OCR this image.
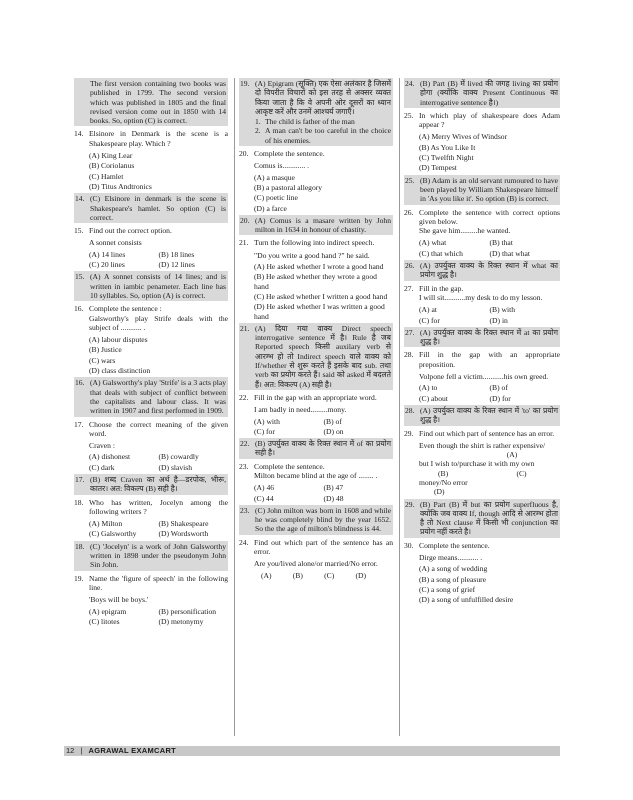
The first version containing two books was published in 1799. The second version which was published in 1805 and the final revised version come out in 1850 with 14 books. So, option (C) is correct.
14. Elsinore in Denmark is the scene is a Shakespeare play. Which ?
(A) King Lear
(B) Coriolanus
(C) Hamlet
(D) Titus Andtronics
14. (C) Elsinore in denmark is the scene is Shakespeare's hamlet. So option (C) is correct.
15. Find out the correct option.
A sonnet consists
(A) 14 lines	(B) 18 lines
(C) 20 lines	(D) 12 lines
15. (A) A sonnet consists of 14 lines; and is written in iambic penameter. Each line has 10 syllables. So, option (A) is correct.
16. Complete the sentence :
Galsworthy's play Strife deals with the subject of ........... .
(A) labour disputes
(B) Justice
(C) wars
(D) class distinction
16. (A) Galsworthy's play 'Strife' is a 3 acts play that deals with subject of conflict between the capitalists and labour class. It was written in 1907 and first performed in 1909.
17. Choose the correct meaning of the given word.
Craven :
(A) dishonest	(B) cowardly
(C) dark	(D) slavish
17. (B) शब्द Craven का अर्थ है—डरपोक, भीरू, कातर। अत: विकल्प (B) सही है।
18. Who has written, Jocelyn among the following writers ?
(A) Milton	(B) Shakespeare
(C) Galsworthy	(D) Wordsworth
18. (C) 'Jocelyn' is a work of John Galsworthy written in 1898 under the pseudonym John Sin John.
19. Name the 'figure of speech' in the following line.
'Boys will be boys.'
(A) epigram	(B) personification
(C) litotes	(D) metonymy
19. (A) Epigram (सूक्ति) एक ऐसा अलंकार है जिसमें दो विपरीत विचारों को इस तरह से अक्सर व्यक्त किया जाता है कि वे अपनी ओर दूसरों का ध्यान आकृष्ट करें और उनमें आश्चर्य जगाएँ।
1. The child is father of the man
2. A man can't be too careful in the choice of his enemies.
20. Complete the sentence.
Comus is............ .
(A) a masque
(B) a pastoral allegory
(C) poetic line
(D) a farce
20. (A) Comus is a masare written by John milton in 1634 in honour of chastity.
21. Turn the following into indirect speech.
"Do you write a good hand ?" he said.
(A) He asked whether I wrote a good hand
(B) He asked whether they wrote a good hand
(C) He asked whether I written a good hand
(D) He asked whether I was written a good hand
21. (A) दिया गया वाक्य Direct speech interrogative sentence में है। Rule है जब Reported speech किसी auxilary verb से आरम्भ हो तो Indirect speech वाले वाक्य को If/whether से शुरू करते हैं इसके बाद sub. तथा verb का प्रयोग करते हैं। said को asked में बदलते हैं। अत: विकल्प (A) सही है।
22. Fill in the gap with an appropriate word.
I am badly in need.........mony.
(A) with	(B) of
(C) for	(D) on
22. (B) उपर्युक्त वाक्य के रिक्त स्थान में of का प्रयोग सही है।
23. Complete the sentence.
Milton became blind at the age of ........ .
(A) 46	(B) 47
(C) 44	(D) 48
23. (C) John milton was born in 1608 and while he was completely blind by the year 1652. So the the age of milton's blindness is 44.
24. Find out which part of the sentence has an error.
Are you/lived alone/or married/No error.
(A)	(B)	(C)	(D)
24. (B) Part (B) में lived की जगह living का प्रयोग होगा (क्योंकि वाक्य Present Continuous का interrogative sentence है।)
25. In which play of shakespeare does Adam appear ?
(A) Merry Wives of Windsor
(B) As You Like It
(C) Twelfth Night
(D) Tempest
25. (B) Adam is an old servant rumoured to have been played by William Shakespeare himself in 'As you like it'. So option (B) is correct.
26. Complete the sentence with correct options given below.
She gave him.........he wanted.
(A) what	(B) that
(C) that which	(D) that what
26. (A) उपर्युक्त वाक्य के रिक्त स्थान में what का प्रयोग शुद्ध है।
27. Fill in the gap.
I will sit...........my desk to do my lesson.
(A) at	(B) with
(C) for	(D) in
27. (A) उपर्युक्त वाक्य के रिक्त स्थान में at का प्रयोग शुद्ध है।
28. Fill in the gap with an appropriate preposition.
Volpone fell a victim...........his own greed.
(A) to	(B) of
(C) about	(D) for
28. (A) उपर्युक्त वाक्य के रिक्त स्थान में 'to' का प्रयोग शुद्ध है।
29. Find out which part of sentence has an error.
Even though the shirt is rather expensive/
(A)
but I wish to/purchase it with my own
(B)                                    (C)
money/No error
(D)
29. (B) Part (B) में but का प्रयोग superfluous है, क्योंकि जब वाक्य If, though आदि से आरम्भ होता है तो Next clause में किसी भी conjunction का प्रयोग नहीं करते है।
30. Complete the sentence.
Dirge means........... .
(A) a song of wedding
(B) a song of pleasure
(C) a song of grief
(D) a song of unfulfilled desire
12 | AGRAWAL EXAMCART
